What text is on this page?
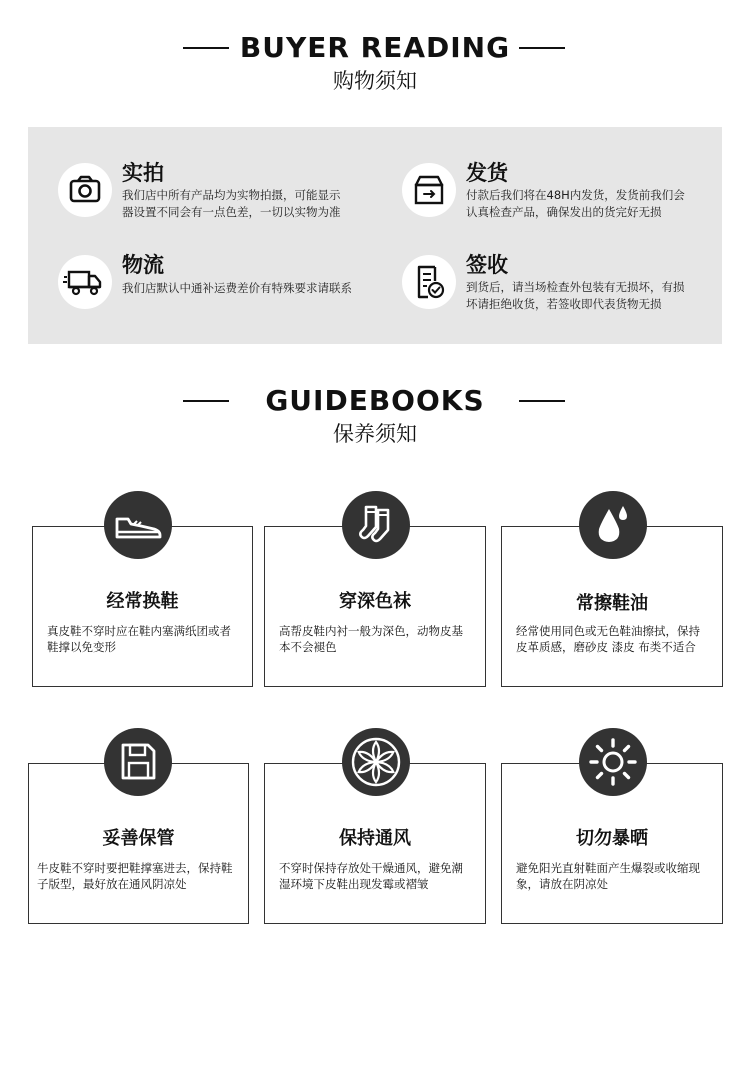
BUYER READING
购物须知
实拍
我们店中所有产品均为实物拍摄，可能显示
器设置不同会有一点色差，一切以实物为准
发货
付款后我们将在48H内发货，发货前我们会
认真检查产品，确保发出的货完好无损
物流
我们店默认中通补运费差价有特殊要求请联系
签收
到货后，请当场检查外包装有无损坏，有损
坏请拒绝收货，若签收即代表货物无损
GUIDEBOOKS
保养须知
经常换鞋
真皮鞋不穿时应在鞋内塞满纸团或者鞋撑以免变形
穿深色袜
高帮皮鞋内衬一般为深色，动物皮基本不会褪色
常擦鞋油
经常使用同色或无色鞋油擦拭，保持皮革质感，磨砂皮 漆皮 布类不适合
妥善保管
牛皮鞋不穿时要把鞋撑塞进去，保持鞋子版型，最好放在通风阴凉处
保持通风
不穿时保持存放处干燥通风，避免潮湿环境下皮鞋出现发霉或褶皱
切勿暴晒
避免阳光直射鞋面产生爆裂或收缩现象，请放在阴凉处
